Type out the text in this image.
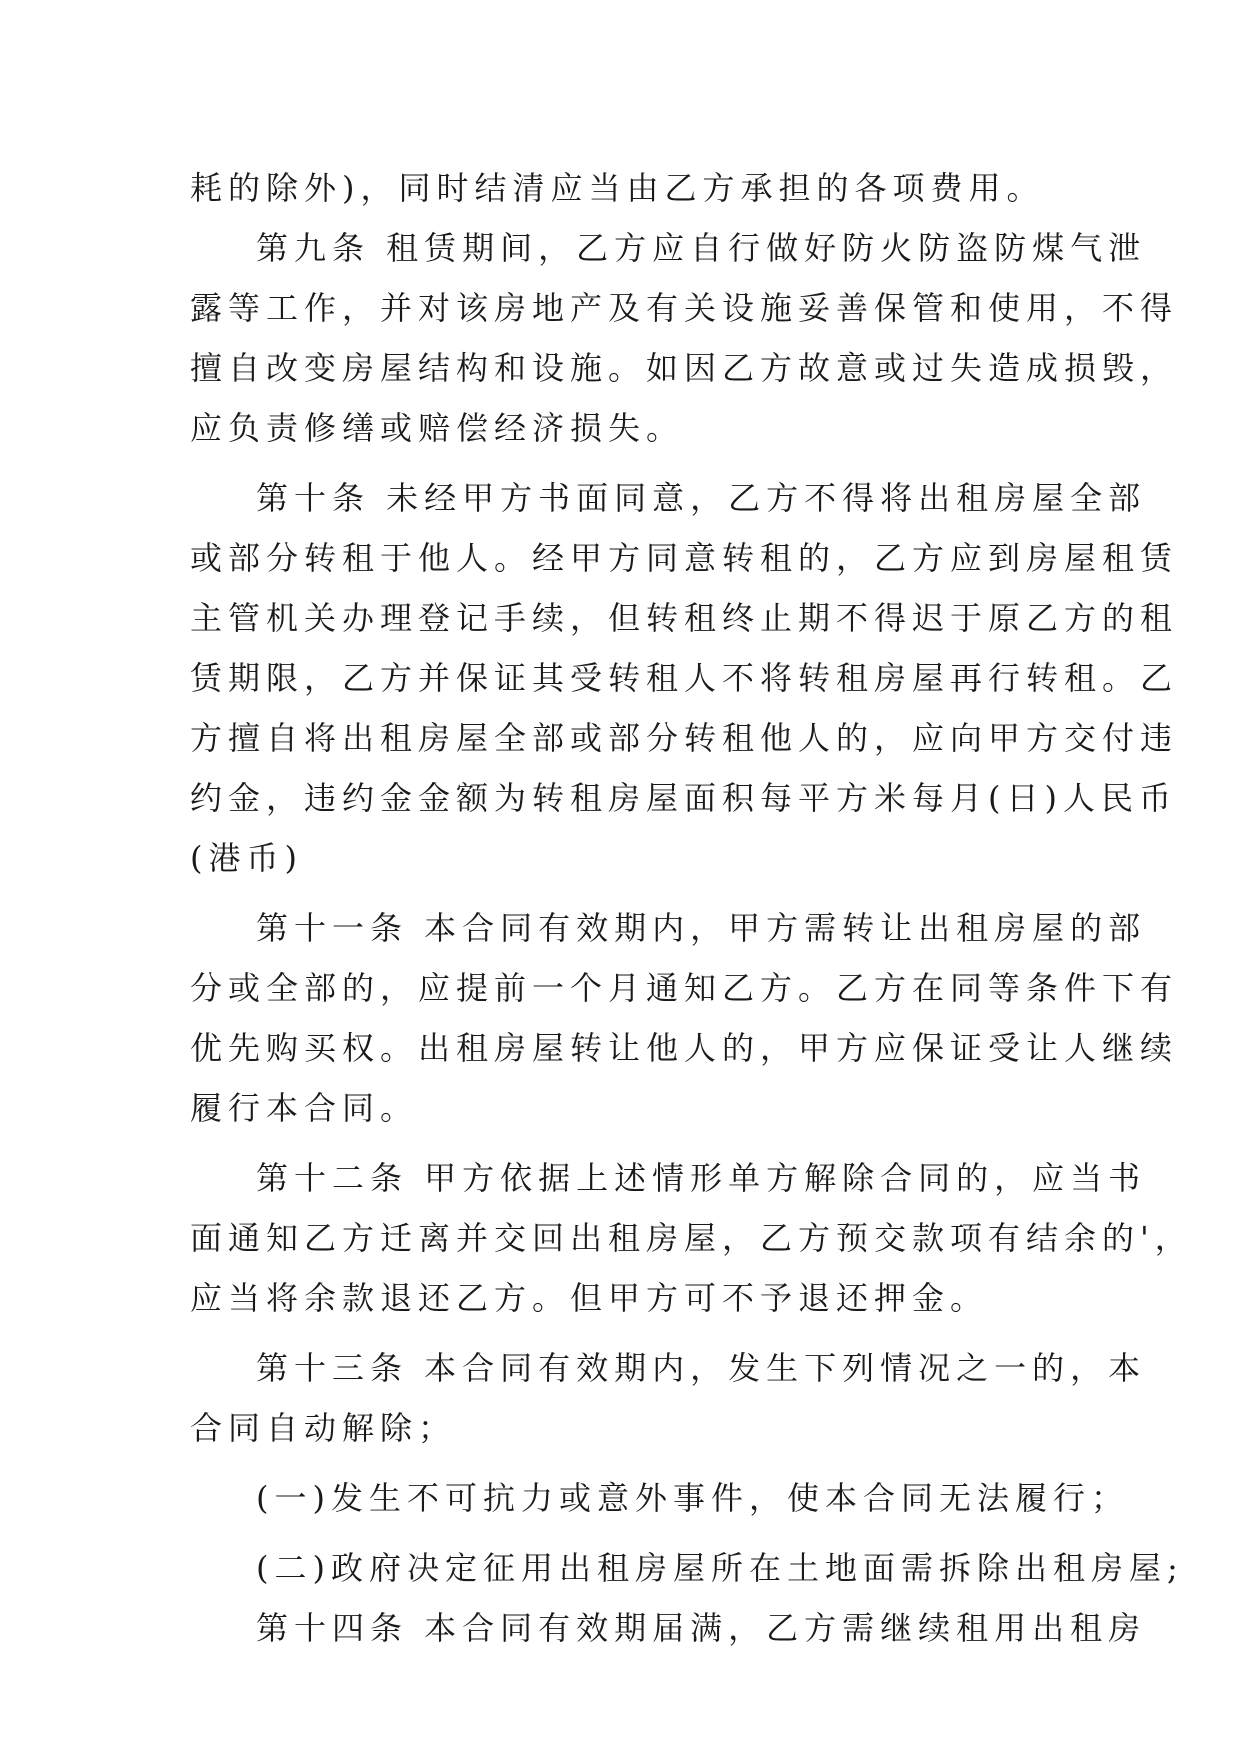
耗的除外)，同时结清应当由乙方承担的各项费用。
第九条 租赁期间，乙方应自行做好防火防盗防煤气泄
露等工作，并对该房地产及有关设施妥善保管和使用，不得
擅自改变房屋结构和设施。如因乙方故意或过失造成损毁，
应负责修缮或赔偿经济损失。
第十条 未经甲方书面同意，乙方不得将出租房屋全部
或部分转租于他人。经甲方同意转租的，乙方应到房屋租赁
主管机关办理登记手续，但转租终止期不得迟于原乙方的租
赁期限，乙方并保证其受转租人不将转租房屋再行转租。乙
方擅自将出租房屋全部或部分转租他人的，应向甲方交付违
约金，违约金金额为转租房屋面积每平方米每月(日)人民币
(港币)
第十一条 本合同有效期内，甲方需转让出租房屋的部
分或全部的，应提前一个月通知乙方。乙方在同等条件下有
优先购买权。出租房屋转让他人的，甲方应保证受让人继续
履行本合同。
第十二条 甲方依据上述情形单方解除合同的，应当书
面通知乙方迁离并交回出租房屋，乙方预交款项有结余的'，
应当将余款退还乙方。但甲方可不予退还押金。
第十三条 本合同有效期内，发生下列情况之一的，本
合同自动解除；
(一)发生不可抗力或意外事件，使本合同无法履行；
(二)政府决定征用出租房屋所在土地面需拆除出租房屋;
第十四条 本合同有效期届满，乙方需继续租用出租房
